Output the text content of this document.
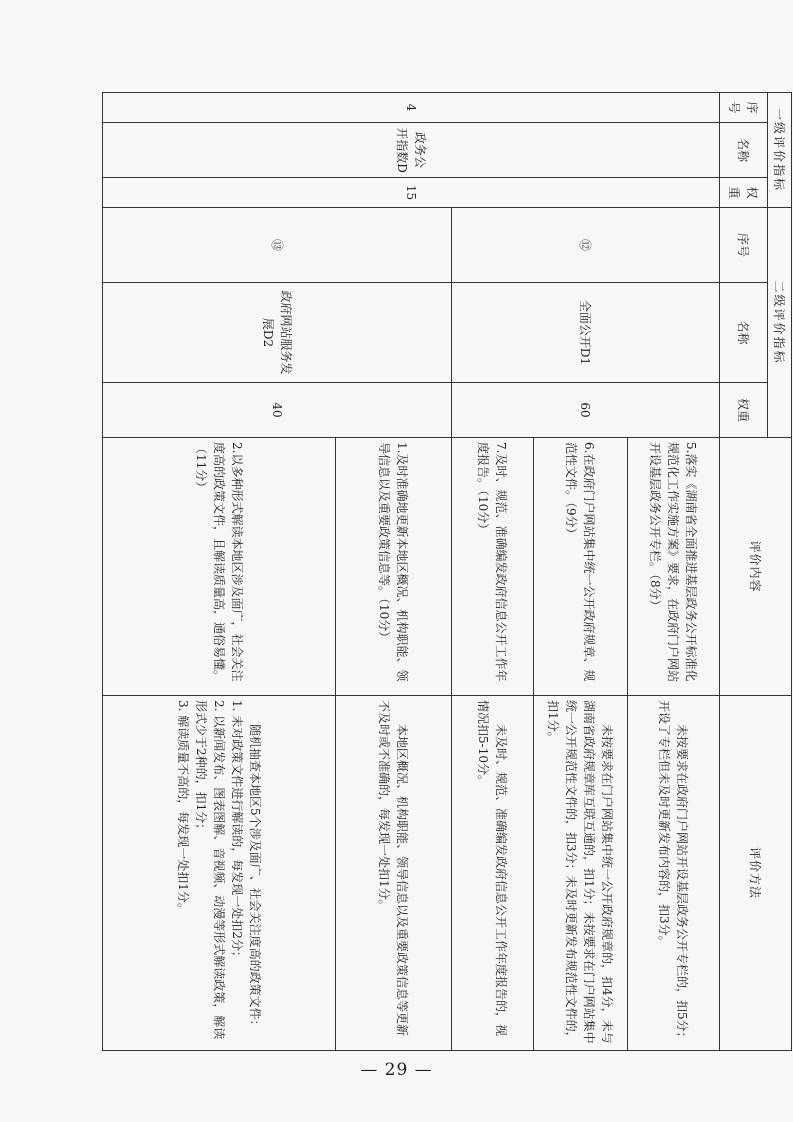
一级评价指标			二级评价指标			评价内容	评价方法
序号	名称	权重	序号	名称	权重		
4	政务公开指数D	15	⑫	全面公开D1	60	5.落实《湖南省全面推进基层政务公开标准化规范化工作实施方案》要求，在政府门户网站开设基层政务公开专栏。（8分）	未按要求在政府门户网站开设基层政务公开专栏的，扣5分；开设了专栏但未及时更新发布内容的，扣3分。

						6.在政府门户网站集中统一公开政府规章、规范性文件。（9分）	未按要求在门户网站集中统一公开政府规章的，扣4分，未与湖南省政府规章库互联互通的，扣1分；未按要求在门户网站集中统一公开规范性文件的，扣3分；未及时更新发布规范性文件的，扣1分。

						7.及时、规范、准确编发政府信息公开工作年度报告。（10分）	未及时、规范、准确编发政府信息公开工作年度报告的，视情况扣5-10分。

			⑬	政府网站服务发展D2	40	1.及时准确地更新本地区概况、机构职能、领导信息以及重要政策信息等。（10分）	本地区概况、机构职能、领导信息以及重要政策信息等更新不及时或不准确的，每发现一处扣1分。

						2.以多种形式解读本地区涉及面广，社会关注度高的政策文件，且解读质量高，通俗易懂。（11分）	随机抽查本地区5个涉及面广、社会关注度高的政策文件：

1. 未对政策文件进行解读的，每发现一处扣2分；

2. 以新闻发布、图表图解、音视频、动漫等形式解读政策，解读形式少于2种的，扣1分；

3. 解读质量不高的，每发现一处扣1分。

— 29 —
